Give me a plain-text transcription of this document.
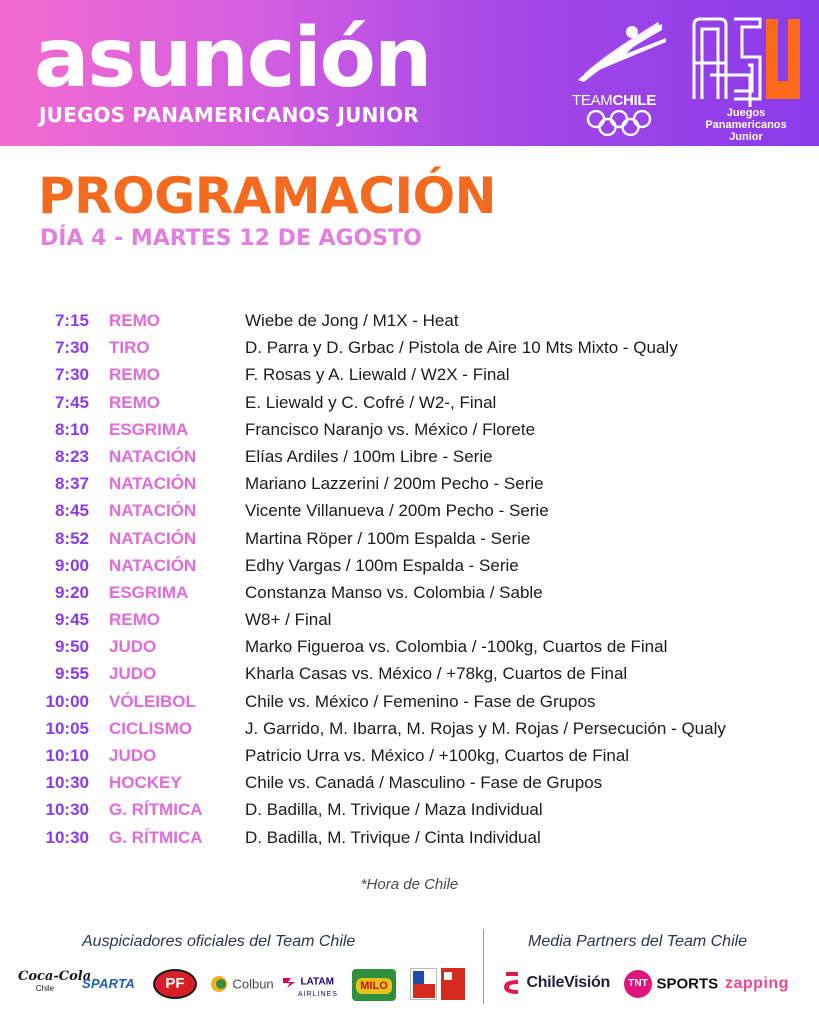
asunción
JUEGOS PANAMERICANOS JUNIOR
TEAMCHILE
Juegos Panamericanos Junior
PROGRAMACIÓN
DÍA 4 - MARTES 12 DE AGOSTO
7:15 REMO	Wiebe de Jong / M1X - Heat
7:30 TIRO	D. Parra y D. Grbac / Pistola de Aire 10 Mts Mixto - Qualy
7:30 REMO	F. Rosas y A. Liewald / W2X - Final
7:45 REMO	E. Liewald y C. Cofré / W2-, Final
8:10 ESGRIMA	Francisco Naranjo vs. México / Florete
8:23 NATACIÓN	Elías Ardiles / 100m Libre - Serie
8:37 NATACIÓN	Mariano Lazzerini / 200m Pecho - Serie
8:45 NATACIÓN	Vicente Villanueva / 200m Pecho - Serie
8:52 NATACIÓN	Martina Röper / 100m Espalda - Serie
9:00 NATACIÓN	Edhy Vargas / 100m Espalda - Serie
9:20 ESGRIMA	Constanza Manso vs. Colombia / Sable
9:45 REMO	W8+ / Final
9:50 JUDO	Marko Figueroa vs. Colombia / -100kg, Cuartos de Final
9:55 JUDO	Kharla Casas vs. México / +78kg, Cuartos de Final
10:00 VÓLEIBOL	Chile vs. México / Femenino - Fase de Grupos
10:05 CICLISMO	J. Garrido, M. Ibarra, M. Rojas y M. Rojas / Persecución - Qualy
10:10 JUDO	Patricio Urra vs. México / +100kg, Cuartos de Final
10:30 HOCKEY	Chile vs. Canadá / Masculino - Fase de Grupos
10:30 G. RÍTMICA	D. Badilla, M. Trivique / Maza Individual
10:30 G. RÍTMICA	D. Badilla, M. Trivique / Cinta Individual
*Hora de Chile
Auspiciadores oficiales del Team Chile	Media Partners del Team Chile
Coca-Cola
Chile	SPARTA	PF	Colbun	LATAM
AIRLINES
MILO	ChileVisión	TNT SPORTS zapping
